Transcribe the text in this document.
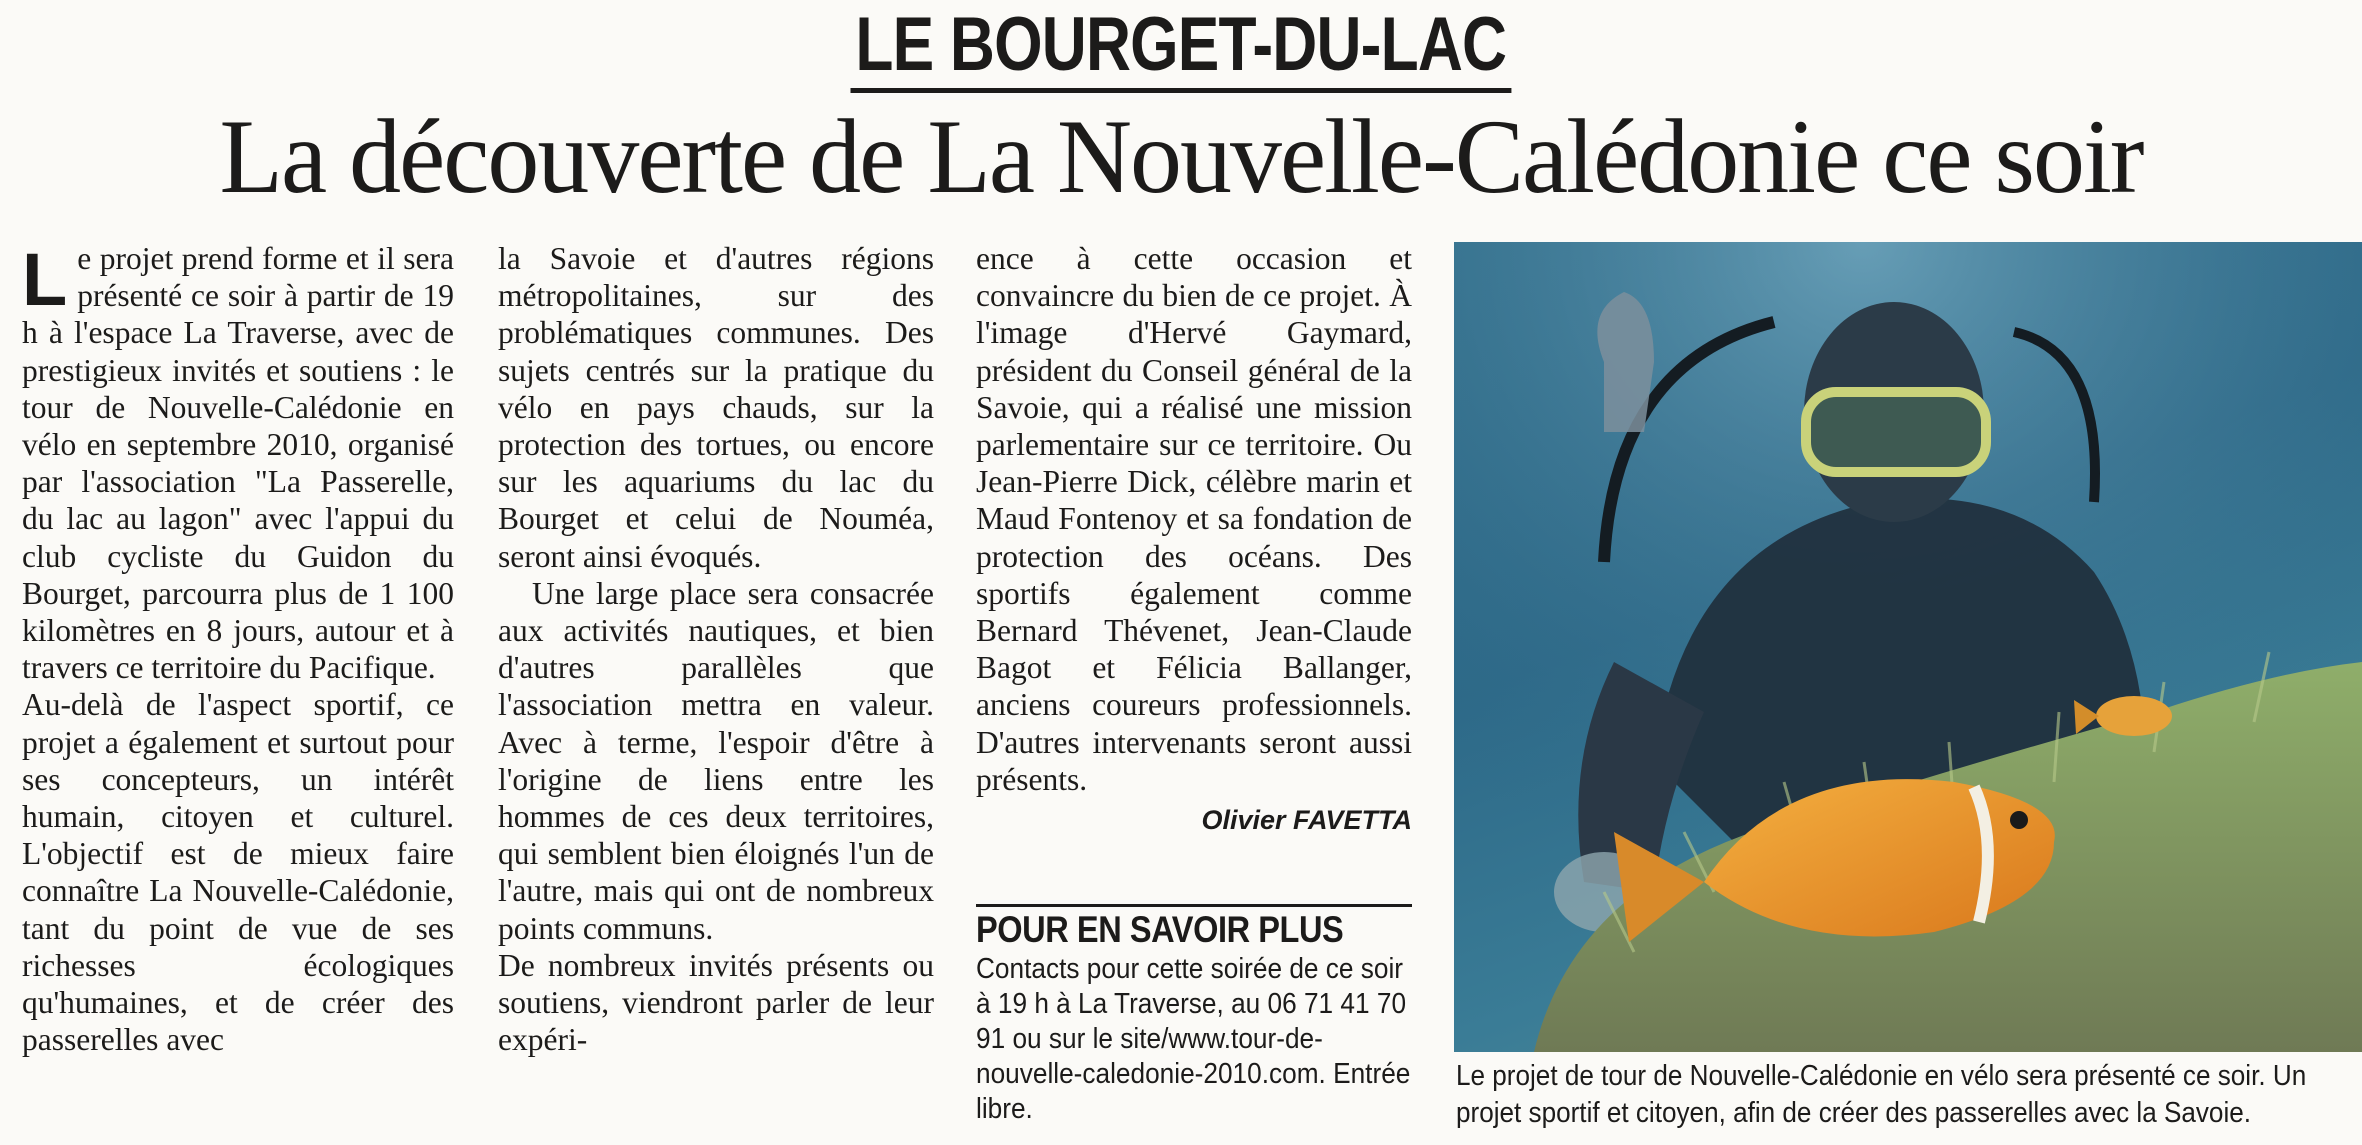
LE BOURGET-DU-LAC
La découverte de La Nouvelle-Calédonie ce soir

Le projet prend forme et il sera présenté ce soir à partir de 19 h à l'espace La Traverse, avec de prestigieux invités et soutiens : le tour de Nouvelle-Calédonie en vélo en septembre 2010, organisé par l'association "La Passerelle, du lac au lagon" avec l'appui du club cycliste du Guidon du Bourget, parcourra plus de 1 100 kilomètres en 8 jours, autour et à travers ce territoire du Pacifique.

Au-delà de l'aspect sportif, ce projet a également et surtout pour ses concepteurs, un intérêt humain, citoyen et culturel. L'objectif est de mieux faire connaître La Nouvelle-Calédonie, tant du point de vue de ses richesses écologiques qu'humaines, et de créer des passerelles avec

la Savoie et d'autres régions métropolitaines, sur des problématiques communes. Des sujets centrés sur la pratique du vélo en pays chauds, sur la protection des tortues, ou encore sur les aquariums du lac du Bourget et celui de Nouméa, seront ainsi évoqués.

Une large place sera consacrée aux activités nautiques, et bien d'autres parallèles que l'association mettra en valeur. Avec à terme, l'espoir d'être à l'origine de liens entre les hommes de ces deux territoires, qui semblent bien éloignés l'un de l'autre, mais qui ont de nombreux points communs.

De nombreux invités présents ou soutiens, viendront parler de leur expéri-

ence à cette occasion et convaincre du bien de ce projet. À l'image d'Hervé Gaymard, président du Conseil général de la Savoie, qui a réalisé une mission parlementaire sur ce territoire. Ou Jean-Pierre Dick, célèbre marin et Maud Fontenoy et sa fondation de protection des océans. Des sportifs également comme Bernard Thévenet, Jean-Claude Bagot et Félicia Ballanger, anciens coureurs professionnels. D'autres intervenants seront aussi présents.

Olivier FAVETTA
POUR EN SAVOIR PLUS
Contacts pour cette soirée de ce soir à 19 h à La Traverse, au 06 71 41 70 91 ou sur le site/www.tour-de-nouvelle-caledonie-2010.com. Entrée libre.
Le projet de tour de Nouvelle-Calédonie en vélo sera présenté ce soir. Un projet sportif et citoyen, afin de créer des passerelles avec la Savoie.
